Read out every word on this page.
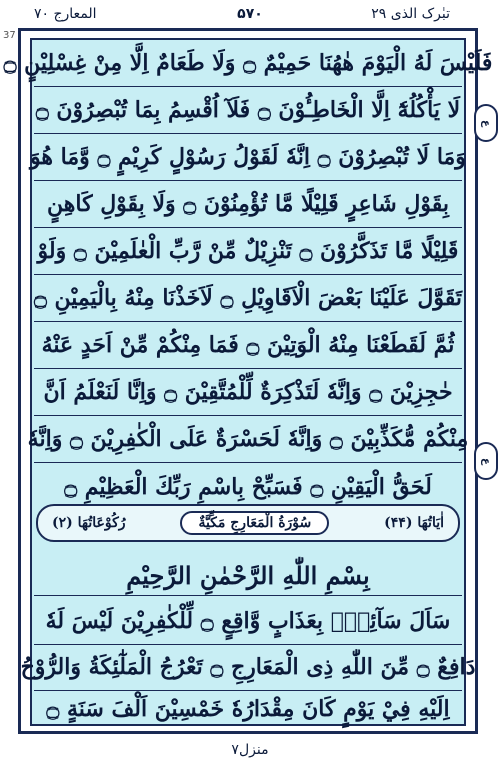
المعارج ۷۰	۵۷۰	تبٰرک الذی ۲۹
37
فَلَيْسَ لَهُ الْيَوْمَ هٰهُنَا حَمِيْمٌ ۝ وَلَا طَعَامٌ اِلَّا مِنْ غِسْلِيْنٍ ۝
لَا يَأْكُلُهٗٓ اِلَّا الْخَاطِـُٔوْنَ ۝ فَلَآ اُقْسِمُ بِمَا تُبْصِرُوْنَ ۝
وَمَا لَا تُبْصِرُوْنَ ۝ اِنَّهٗ لَقَوْلُ رَسُوْلٍ كَرِيْمٍ ۝ وَّمَا هُوَ
بِقَوْلِ شَاعِرٍ قَلِيْلًا مَّا تُؤْمِنُوْنَ ۝ وَلَا بِقَوْلِ كَاهِنٍ
قَلِيْلًا مَّا تَذَكَّرُوْنَ ۝ تَنْزِيْلٌ مِّنْ رَّبِّ الْعٰلَمِيْنَ ۝ وَلَوْ
تَقَوَّلَ عَلَيْنَا بَعْضَ الْاَقَاوِيْلِ ۝ لَاَخَذْنَا مِنْهُ بِالْيَمِيْنِ ۝
ثُمَّ لَقَطَعْنَا مِنْهُ الْوَتِيْنَ ۝ فَمَا مِنْكُمْ مِّنْ اَحَدٍ عَنْهُ
حٰجِزِيْنَ ۝ وَاِنَّهٗ لَتَذْكِرَةٌ لِّلْمُتَّقِيْنَ ۝ وَاِنَّا لَنَعْلَمُ اَنَّ
مِنْكُمْ مُّكَذِّبِيْنَ ۝ وَاِنَّهٗ لَحَسْرَةٌ عَلَى الْكٰفِرِيْنَ ۝ وَاِنَّهٗ
لَحَقُّ الْيَقِيْنِ ۝ فَسَبِّحْ بِاسْمِ رَبِّكَ الْعَظِيْمِ ۝
اٰيَاتُهَا (۴۴)
سُوْرَةُ الْمَعَارِجِ مَكِّيَّةٌ
رُكُوْعَاتُهَا (۲)
بِسْمِ اللّٰهِ الرَّحْمٰنِ الرَّحِيْمِ
سَاَلَ سَآئِلٌۢ بِعَذَابٍ وَّاقِعٍ ۝ لِّلْكٰفِرِيْنَ لَيْسَ لَهٗ
دَافِعٌ ۝ مِّنَ اللّٰهِ ذِى الْمَعَارِجِ ۝ تَعْرُجُ الْمَلٰٓئِكَةُ وَالرُّوْحُ
اِلَيْهِ فِيْ يَوْمٍ كَانَ مِقْدَارُهٗ خَمْسِيْنَ اَلْفَ سَنَةٍ ۝
ع
ع
منزل۷
